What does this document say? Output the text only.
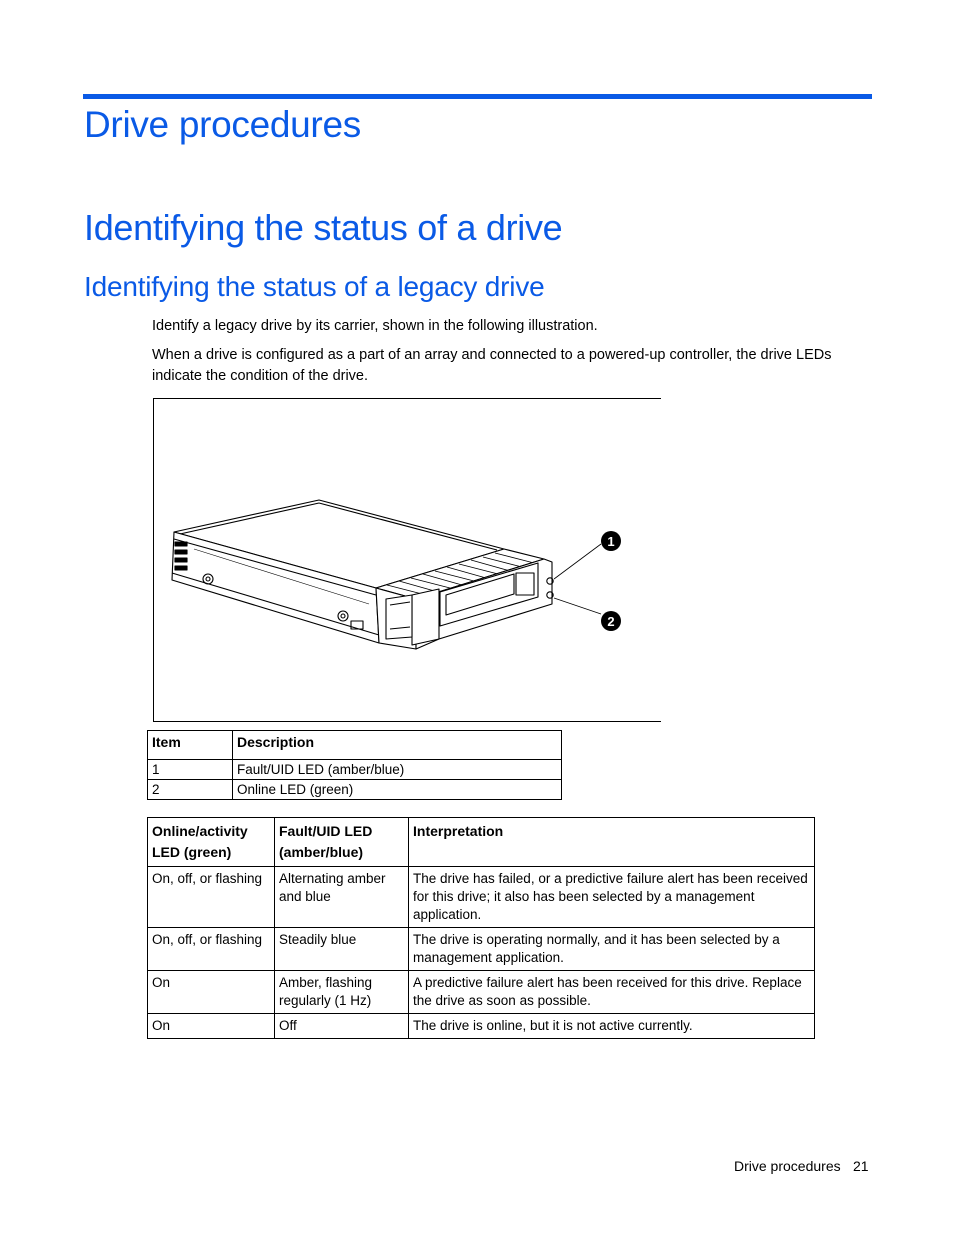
Drive procedures
Identifying the status of a drive
Identifying the status of a legacy drive
Identify a legacy drive by its carrier, shown in the following illustration.
When a drive is configured as a part of an array and connected to a powered-up controller, the drive LEDs indicate the condition of the drive.
1
2
Item	Description
1	Fault/UID LED (amber/blue)
2	Online LED (green)
Online/activity LED (green)	Fault/UID LED (amber/blue)	Interpretation
On, off, or flashing	Alternating amber and blue	The drive has failed, or a predictive failure alert has been received for this drive; it also has been selected by a management application.
On, off, or flashing	Steadily blue	The drive is operating normally, and it has been selected by a management application.
On	Amber, flashing regularly (1 Hz)	A predictive failure alert has been received for this drive. Replace the drive as soon as possible.
On	Off	The drive is online, but it is not active currently.
Drive procedures 21
